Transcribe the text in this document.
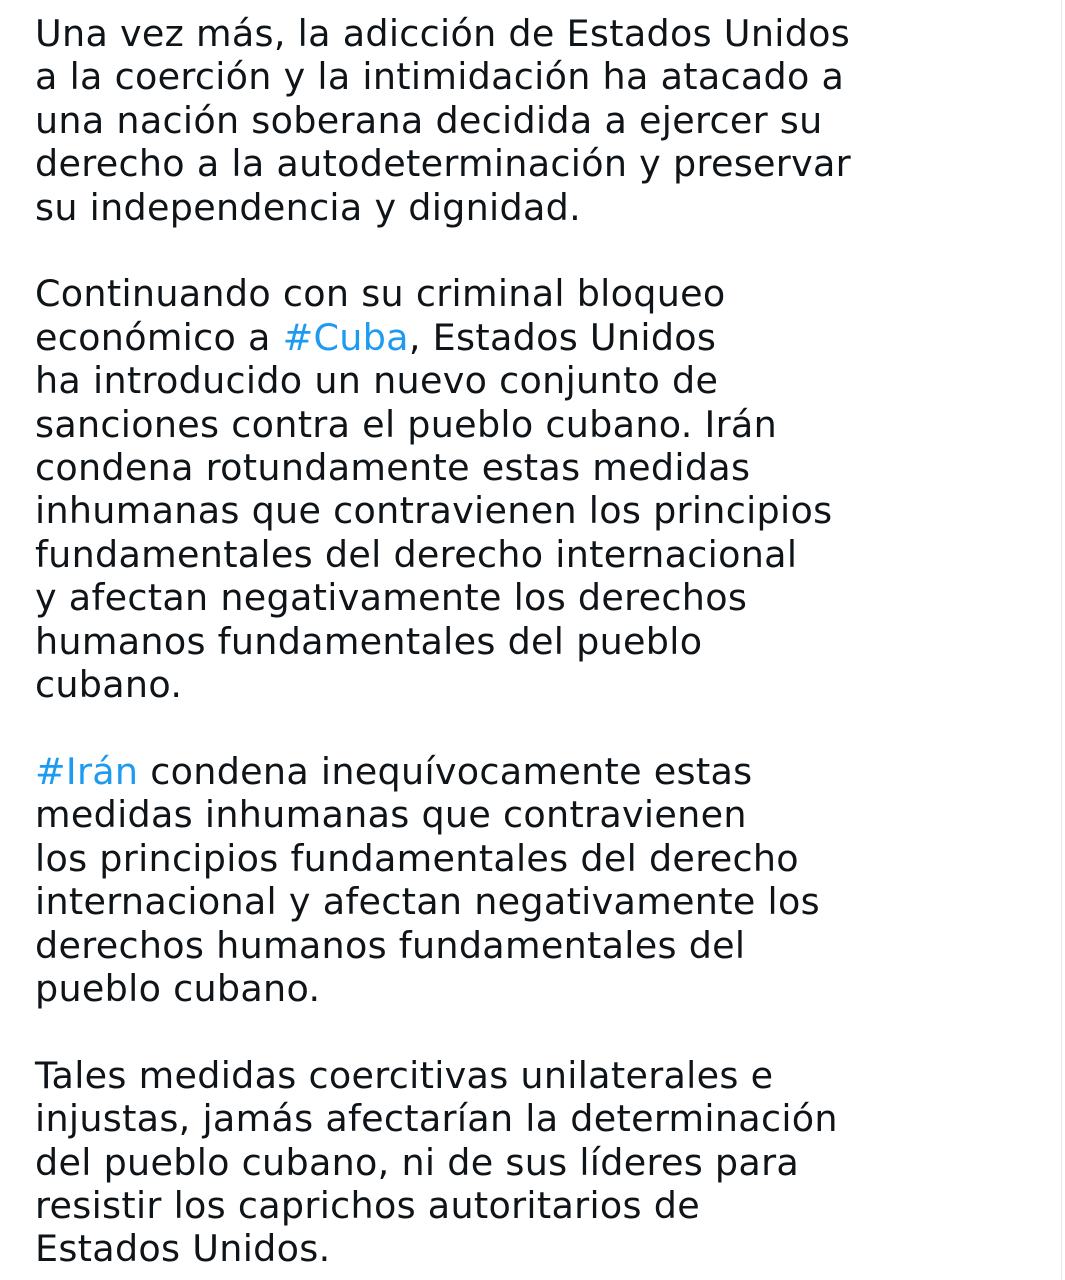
Una vez más, la adicción de Estados Unidos
a la coerción y la intimidación ha atacado a
una nación soberana decidida a ejercer su
derecho a la autodeterminación y preservar
su independencia y dignidad.

Continuando con su criminal bloqueo
económico a #Cuba, Estados Unidos
ha introducido un nuevo conjunto de
sanciones contra el pueblo cubano. Irán
condena rotundamente estas medidas
inhumanas que contravienen los principios
fundamentales del derecho internacional
y afectan negativamente los derechos
humanos fundamentales del pueblo
cubano.

#Irán condena inequívocamente estas
medidas inhumanas que contravienen
los principios fundamentales del derecho
internacional y afectan negativamente los
derechos humanos fundamentales del
pueblo cubano.

Tales medidas coercitivas unilaterales e
injustas, jamás afectarían la determinación
del pueblo cubano, ni de sus líderes para
resistir los caprichos autoritarios de
Estados Unidos.
